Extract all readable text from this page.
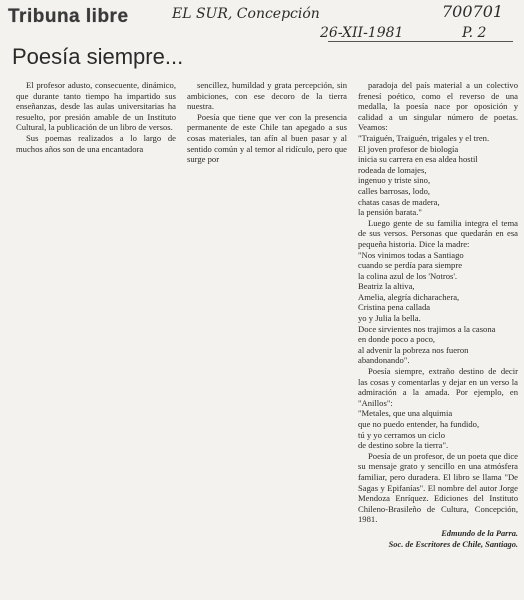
Tribuna libre	EL SUR, Concepción	700701
26-XII-1981	P. 2
Poesía siempre...

El profesor adusto, consecuente, dinámico, que durante tanto tiempo ha impartido sus enseñanzas, desde las aulas universitarias ha resuelto, por presión amable de un Instituto Cultural, la publicación de un libro de versos.

Sus poemas realizados a lo largo de muchos años son de una encantadora

sencillez, humildad y grata percepción, sin ambiciones, con ese decoro de la tierra nuestra.

Poesía que tiene que ver con la presencia permanente de este Chile tan apegado a sus cosas materiales, tan afín al buen pasar y al sentido común y al temor al ridículo, pero que surge por

paradoja del país material a un colectivo frenesí poético, como el reverso de una medalla, la poesía nace por oposición y calidad a un singular número de poetas. Veamos:

"Traiguén, Traiguén, trigales y el tren.
El joven profesor de biología
inicia su carrera en esa aldea hostil
rodeada de lomajes,
ingenuo y triste sino,
calles barrosas, lodo,
chatas casas de madera,
la pensión barata."

Luego gente de su familia integra el tema de sus versos. Personas que quedarán en esa pequeña historia. Dice la madre:

"Nos vinimos todas a Santiago
cuando se perdía para siempre
la colina azul de los 'Notros'.
Beatriz la altiva,
Amelia, alegría dicharachera,
Cristina pena callada
yo y Julia la bella.
Doce sirvientes nos trajimos a la casona
en donde poco a poco,
al advenir la pobreza nos fueron abandonando".

Poesía siempre, extraño destino de decir las cosas y comentarlas y dejar en un verso la admiración a la amada. Por ejemplo, en "Anillos":

"Metales, que una alquimia
que no puedo entender, ha fundido,
tú y yo cerramos un ciclo
de destino sobre la tierra".

Poesía de un profesor, de un poeta que dice su mensaje grato y sencillo en una atmósfera familiar, pero duradera. El libro se llama "De Sagas y Epifanías". El nombre del autor Jorge Mendoza Enríquez. Ediciones del Instituto Chileno-Brasileño de Cultura, Concepción, 1981.

Edmundo de la Parra.

Soc. de Escritores de Chile, Santiago.
